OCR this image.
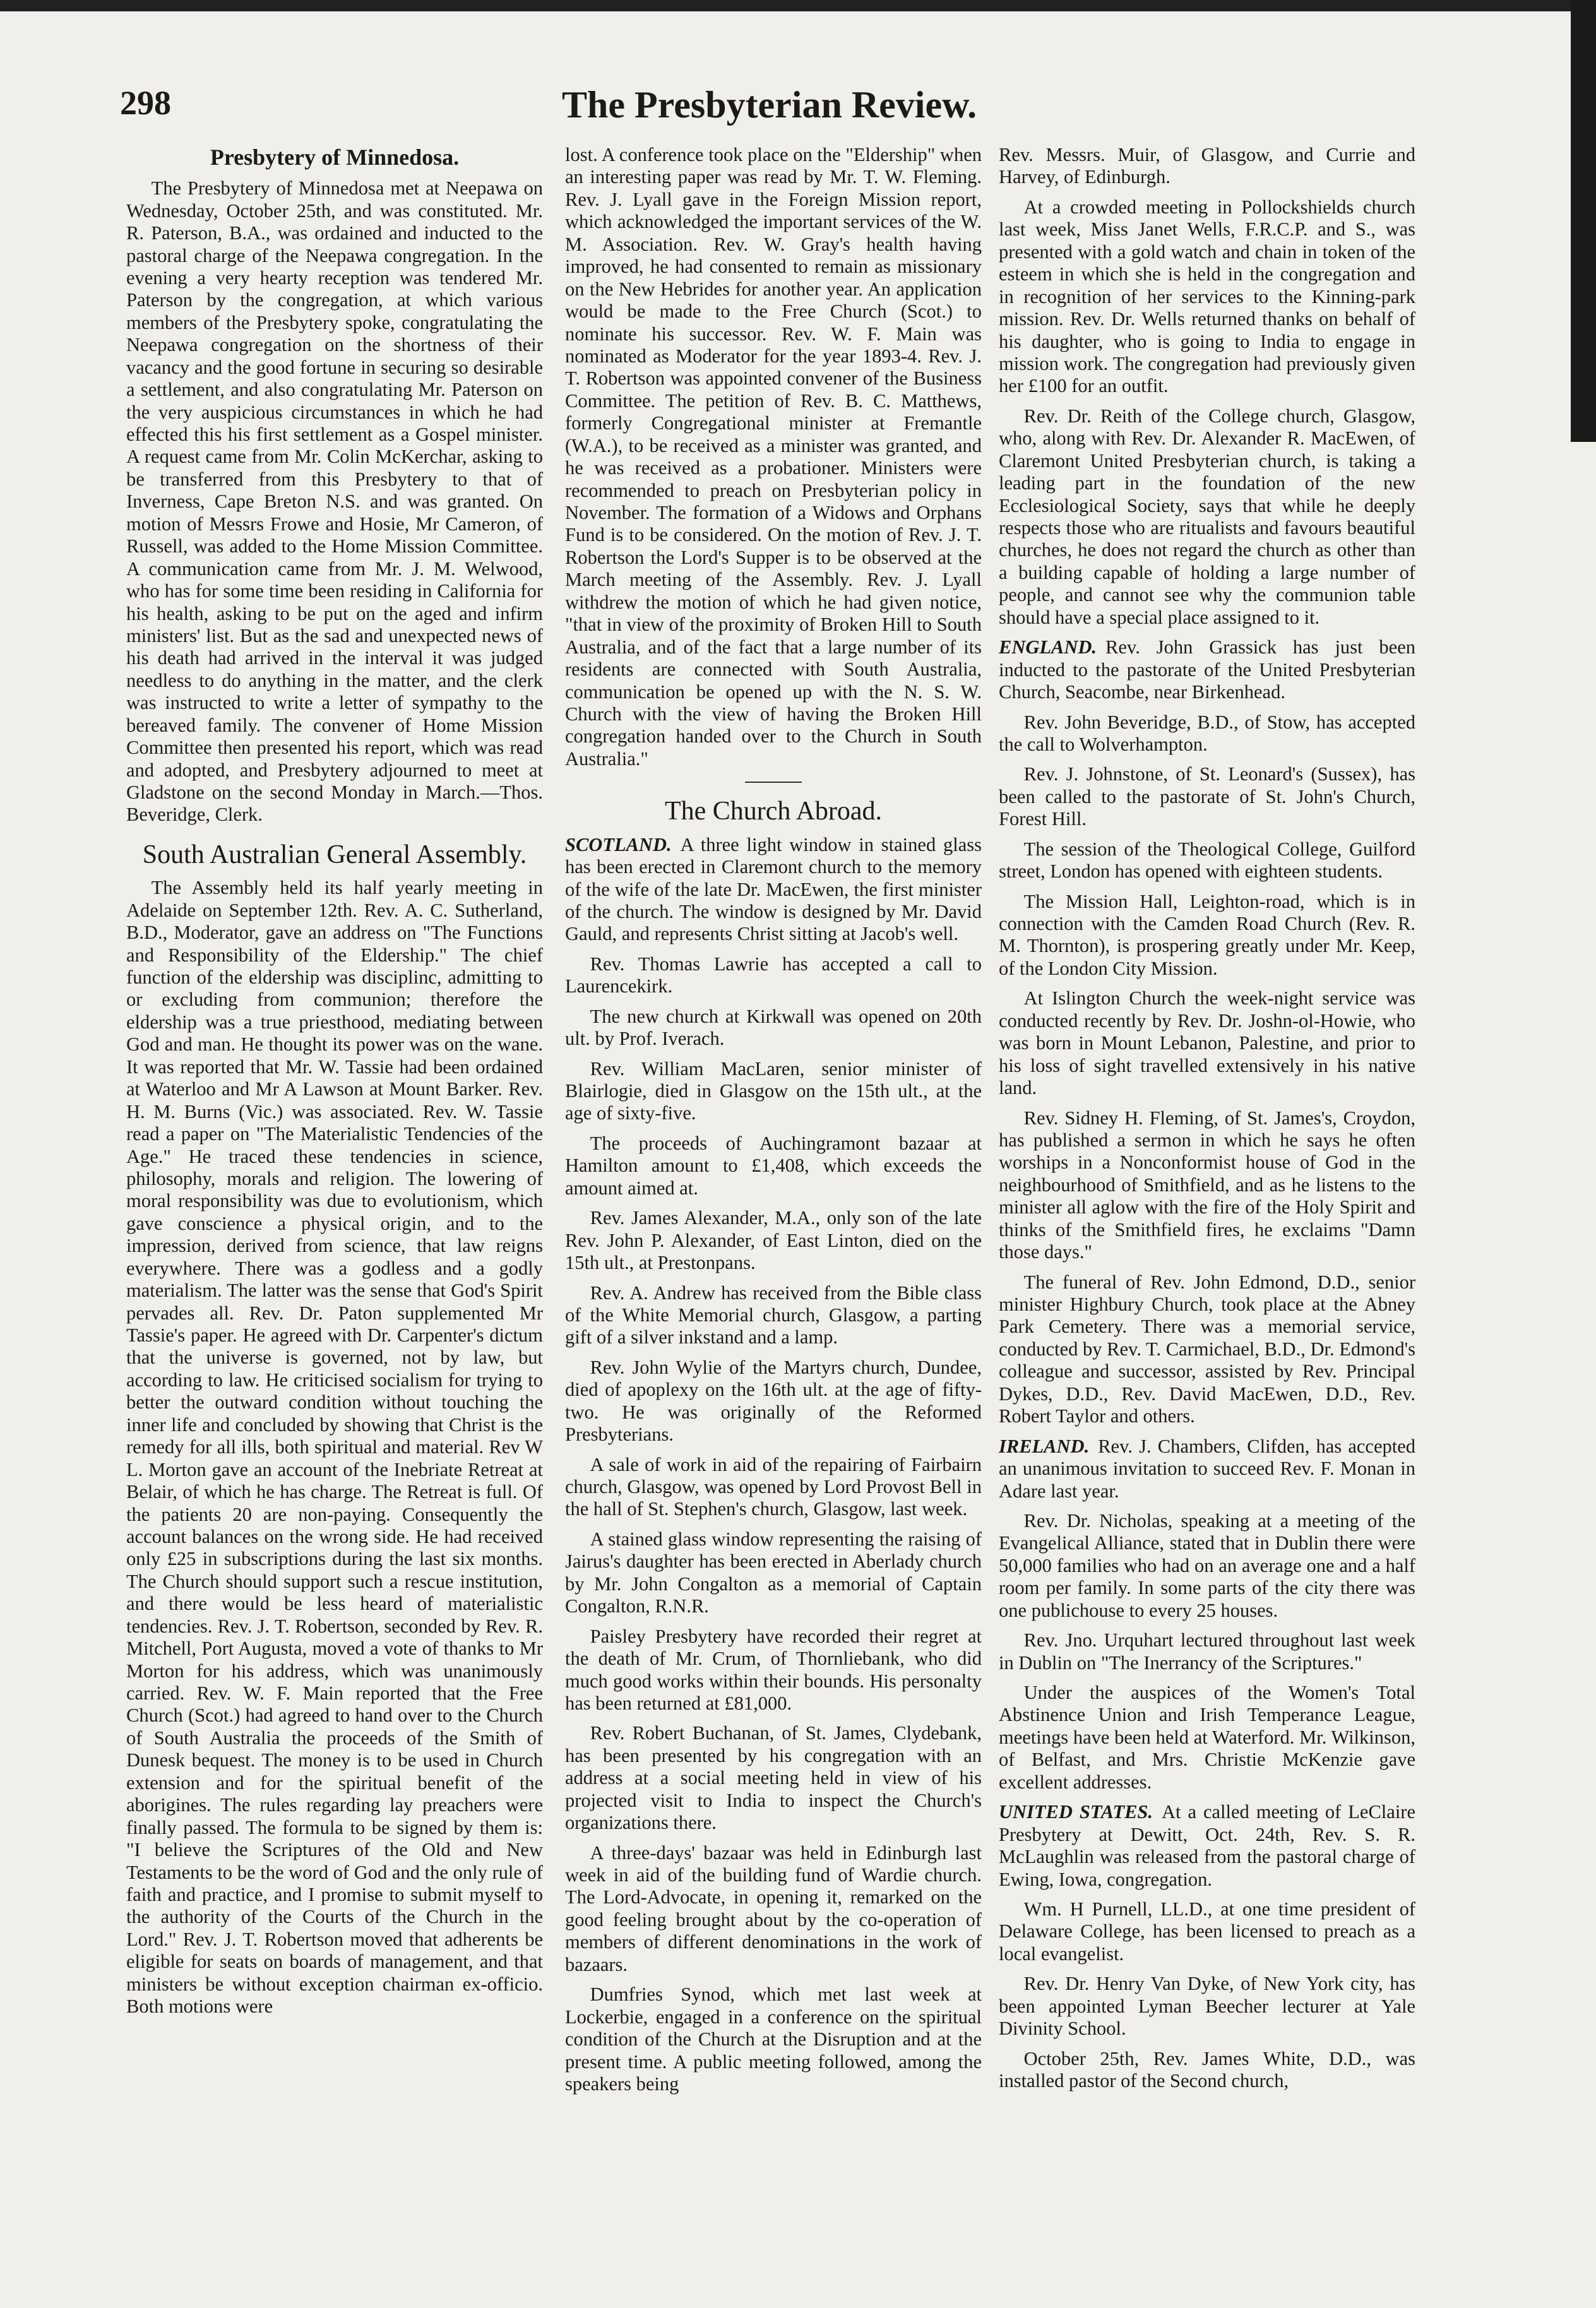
298	The Presbyterian Review.
Presbytery of Minnedosa.

The Presbytery of Minnedosa met at Neepawa on Wednesday, October 25th, and was constituted. Mr. R. Paterson, B.A., was ordained and inducted to the pastoral charge of the Neepawa congregation. In the evening a very hearty reception was tendered Mr. Paterson by the congregation, at which various members of the Presbytery spoke, congratulating the Neepawa congregation on the shortness of their vacancy and the good fortune in securing so desirable a settlement, and also congratulating Mr. Paterson on the very auspicious circumstances in which he had effected this his first settlement as a Gospel minister. A request came from Mr. Colin McKerchar, asking to be transferred from this Presbytery to that of Inverness, Cape Breton N.S. and was granted. On motion of Messrs Frowe and Hosie, Mr Cameron, of Russell, was added to the Home Mission Committee. A communication came from Mr. J. M. Welwood, who has for some time been residing in California for his health, asking to be put on the aged and infirm ministers' list. But as the sad and unexpected news of his death had arrived in the interval it was judged needless to do anything in the matter, and the clerk was instructed to write a letter of sympathy to the bereaved family. The convener of Home Mission Committee then presented his report, which was read and adopted, and Presbytery adjourned to meet at Gladstone on the second Monday in March.—Thos. Beveridge, Clerk.

South Australian General Assembly.

The Assembly held its half yearly meeting in Adelaide on September 12th. Rev. A. C. Sutherland, B.D., Moderator, gave an address on "The Functions and Responsibility of the Eldership." The chief function of the eldership was disciplinc, admitting to or excluding from communion; therefore the eldership was a true priesthood, mediating between God and man. He thought its power was on the wane. It was reported that Mr. W. Tassie had been ordained at Waterloo and Mr A Lawson at Mount Barker. Rev. H. M. Burns (Vic.) was associated. Rev. W. Tassie read a paper on "The Materialistic Tendencies of the Age." He traced these tendencies in science, philosophy, morals and religion. The lowering of moral responsibility was due to evolutionism, which gave conscience a physical origin, and to the impression, derived from science, that law reigns everywhere. There was a godless and a godly materialism. The latter was the sense that God's Spirit pervades all. Rev. Dr. Paton supplemented Mr Tassie's paper. He agreed with Dr. Carpenter's dictum that the universe is governed, not by law, but according to law. He criticised socialism for trying to better the outward condition without touching the inner life and concluded by showing that Christ is the remedy for all ills, both spiritual and material. Rev W L. Morton gave an account of the Inebriate Retreat at Belair, of which he has charge. The Retreat is full. Of the patients 20 are non-paying. Consequently the account balances on the wrong side. He had received only £25 in subscriptions during the last six months. The Church should support such a rescue institution, and there would be less heard of materialistic tendencies. Rev. J. T. Robertson, seconded by Rev. R. Mitchell, Port Augusta, moved a vote of thanks to Mr Morton for his address, which was unanimously carried. Rev. W. F. Main reported that the Free Church (Scot.) had agreed to hand over to the Church of South Australia the proceeds of the Smith of Dunesk bequest. The money is to be used in Church extension and for the spiritual benefit of the aborigines. The rules regarding lay preachers were finally passed. The formula to be signed by them is: "I believe the Scriptures of the Old and New Testaments to be the word of God and the only rule of faith and practice, and I promise to submit myself to the authority of the Courts of the Church in the Lord." Rev. J. T. Robertson moved that adherents be eligible for seats on boards of management, and that ministers be without exception chairman ex-officio. Both motions were

lost. A conference took place on the "Eldership" when an interesting paper was read by Mr. T. W. Fleming. Rev. J. Lyall gave in the Foreign Mission report, which acknowledged the important services of the W. M. Association. Rev. W. Gray's health having improved, he had consented to remain as missionary on the New Hebrides for another year. An application would be made to the Free Church (Scot.) to nominate his successor. Rev. W. F. Main was nominated as Moderator for the year 1893-4. Rev. J. T. Robertson was appointed convener of the Business Committee. The petition of Rev. B. C. Matthews, formerly Congregational minister at Fremantle (W.A.), to be received as a minister was granted, and he was received as a probationer. Ministers were recommended to preach on Presbyterian policy in November. The formation of a Widows and Orphans Fund is to be considered. On the motion of Rev. J. T. Robertson the Lord's Supper is to be observed at the March meeting of the Assembly. Rev. J. Lyall withdrew the motion of which he had given notice, "that in view of the proximity of Broken Hill to South Australia, and of the fact that a large number of its residents are connected with South Australia, communication be opened up with the N. S. W. Church with the view of having the Broken Hill congregation handed over to the Church in South Australia."

The Church Abroad.

SCOTLAND. A three light window in stained glass has been erected in Claremont church to the memory of the wife of the late Dr. MacEwen, the first minister of the church. The window is designed by Mr. David Gauld, and represents Christ sitting at Jacob's well.

Rev. Thomas Lawrie has accepted a call to Laurencekirk.

The new church at Kirkwall was opened on 20th ult. by Prof. Iverach.

Rev. William MacLaren, senior minister of Blairlogie, died in Glasgow on the 15th ult., at the age of sixty-five.

The proceeds of Auchingramont bazaar at Hamilton amount to £1,408, which exceeds the amount aimed at.

Rev. James Alexander, M.A., only son of the late Rev. John P. Alexander, of East Linton, died on the 15th ult., at Prestonpans.

Rev. A. Andrew has received from the Bible class of the White Memorial church, Glasgow, a parting gift of a silver inkstand and a lamp.

Rev. John Wylie of the Martyrs church, Dundee, died of apoplexy on the 16th ult. at the age of fifty-two. He was originally of the Reformed Presbyterians.

A sale of work in aid of the repairing of Fairbairn church, Glasgow, was opened by Lord Provost Bell in the hall of St. Stephen's church, Glasgow, last week.

A stained glass window representing the raising of Jairus's daughter has been erected in Aberlady church by Mr. John Congalton as a memorial of Captain Congalton, R.N.R.

Paisley Presbytery have recorded their regret at the death of Mr. Crum, of Thornliebank, who did much good works within their bounds. His personalty has been returned at £81,000.

Rev. Robert Buchanan, of St. James, Clydebank, has been presented by his congregation with an address at a social meeting held in view of his projected visit to India to inspect the Church's organizations there.

A three-days' bazaar was held in Edinburgh last week in aid of the building fund of Wardie church. The Lord-Advocate, in opening it, remarked on the good feeling brought about by the co-operation of members of different denominations in the work of bazaars.

Dumfries Synod, which met last week at Lockerbie, engaged in a conference on the spiritual condition of the Church at the Disruption and at the present time. A public meeting followed, among the speakers being

Rev. Messrs. Muir, of Glasgow, and Currie and Harvey, of Edinburgh.

At a crowded meeting in Pollockshields church last week, Miss Janet Wells, F.R.C.P. and S., was presented with a gold watch and chain in token of the esteem in which she is held in the congregation and in recognition of her services to the Kinning-park mission. Rev. Dr. Wells returned thanks on behalf of his daughter, who is going to India to engage in mission work. The congregation had previously given her £100 for an outfit.

Rev. Dr. Reith of the College church, Glasgow, who, along with Rev. Dr. Alexander R. MacEwen, of Claremont United Presbyterian church, is taking a leading part in the foundation of the new Ecclesiological Society, says that while he deeply respects those who are ritualists and favours beautiful churches, he does not regard the church as other than a building capable of holding a large number of people, and cannot see why the communion table should have a special place assigned to it.

ENGLAND. Rev. John Grassick has just been inducted to the pastorate of the United Presbyterian Church, Seacombe, near Birkenhead.

Rev. John Beveridge, B.D., of Stow, has accepted the call to Wolverhampton.

Rev. J. Johnstone, of St. Leonard's (Sussex), has been called to the pastorate of St. John's Church, Forest Hill.

The session of the Theological College, Guilford street, London has opened with eighteen students.

The Mission Hall, Leighton-road, which is in connection with the Camden Road Church (Rev. R. M. Thornton), is prospering greatly under Mr. Keep, of the London City Mission.

At Islington Church the week-night service was conducted recently by Rev. Dr. Joshn-ol-Howie, who was born in Mount Lebanon, Palestine, and prior to his loss of sight travelled extensively in his native land.

Rev. Sidney H. Fleming, of St. James's, Croydon, has published a sermon in which he says he often worships in a Nonconformist house of God in the neighbourhood of Smithfield, and as he listens to the minister all aglow with the fire of the Holy Spirit and thinks of the Smithfield fires, he exclaims "Damn those days."

The funeral of Rev. John Edmond, D.D., senior minister Highbury Church, took place at the Abney Park Cemetery. There was a memorial service, conducted by Rev. T. Carmichael, B.D., Dr. Edmond's colleague and successor, assisted by Rev. Principal Dykes, D.D., Rev. David MacEwen, D.D., Rev. Robert Taylor and others.

IRELAND. Rev. J. Chambers, Clifden, has accepted an unanimous invitation to succeed Rev. F. Monan in Adare last year.

Rev. Dr. Nicholas, speaking at a meeting of the Evangelical Alliance, stated that in Dublin there were 50,000 families who had on an average one and a half room per family. In some parts of the city there was one publichouse to every 25 houses.

Rev. Jno. Urquhart lectured throughout last week in Dublin on "The Inerrancy of the Scriptures."

Under the auspices of the Women's Total Abstinence Union and Irish Temperance League, meetings have been held at Waterford. Mr. Wilkinson, of Belfast, and Mrs. Christie McKenzie gave excellent addresses.

UNITED STATES. At a called meeting of LeClaire Presbytery at Dewitt, Oct. 24th, Rev. S. R. McLaughlin was released from the pastoral charge of Ewing, Iowa, congregation.

Wm. H Purnell, LL.D., at one time president of Delaware College, has been licensed to preach as a local evangelist.

Rev. Dr. Henry Van Dyke, of New York city, has been appointed Lyman Beecher lecturer at Yale Divinity School.

October 25th, Rev. James White, D.D., was installed pastor of the Second church,
